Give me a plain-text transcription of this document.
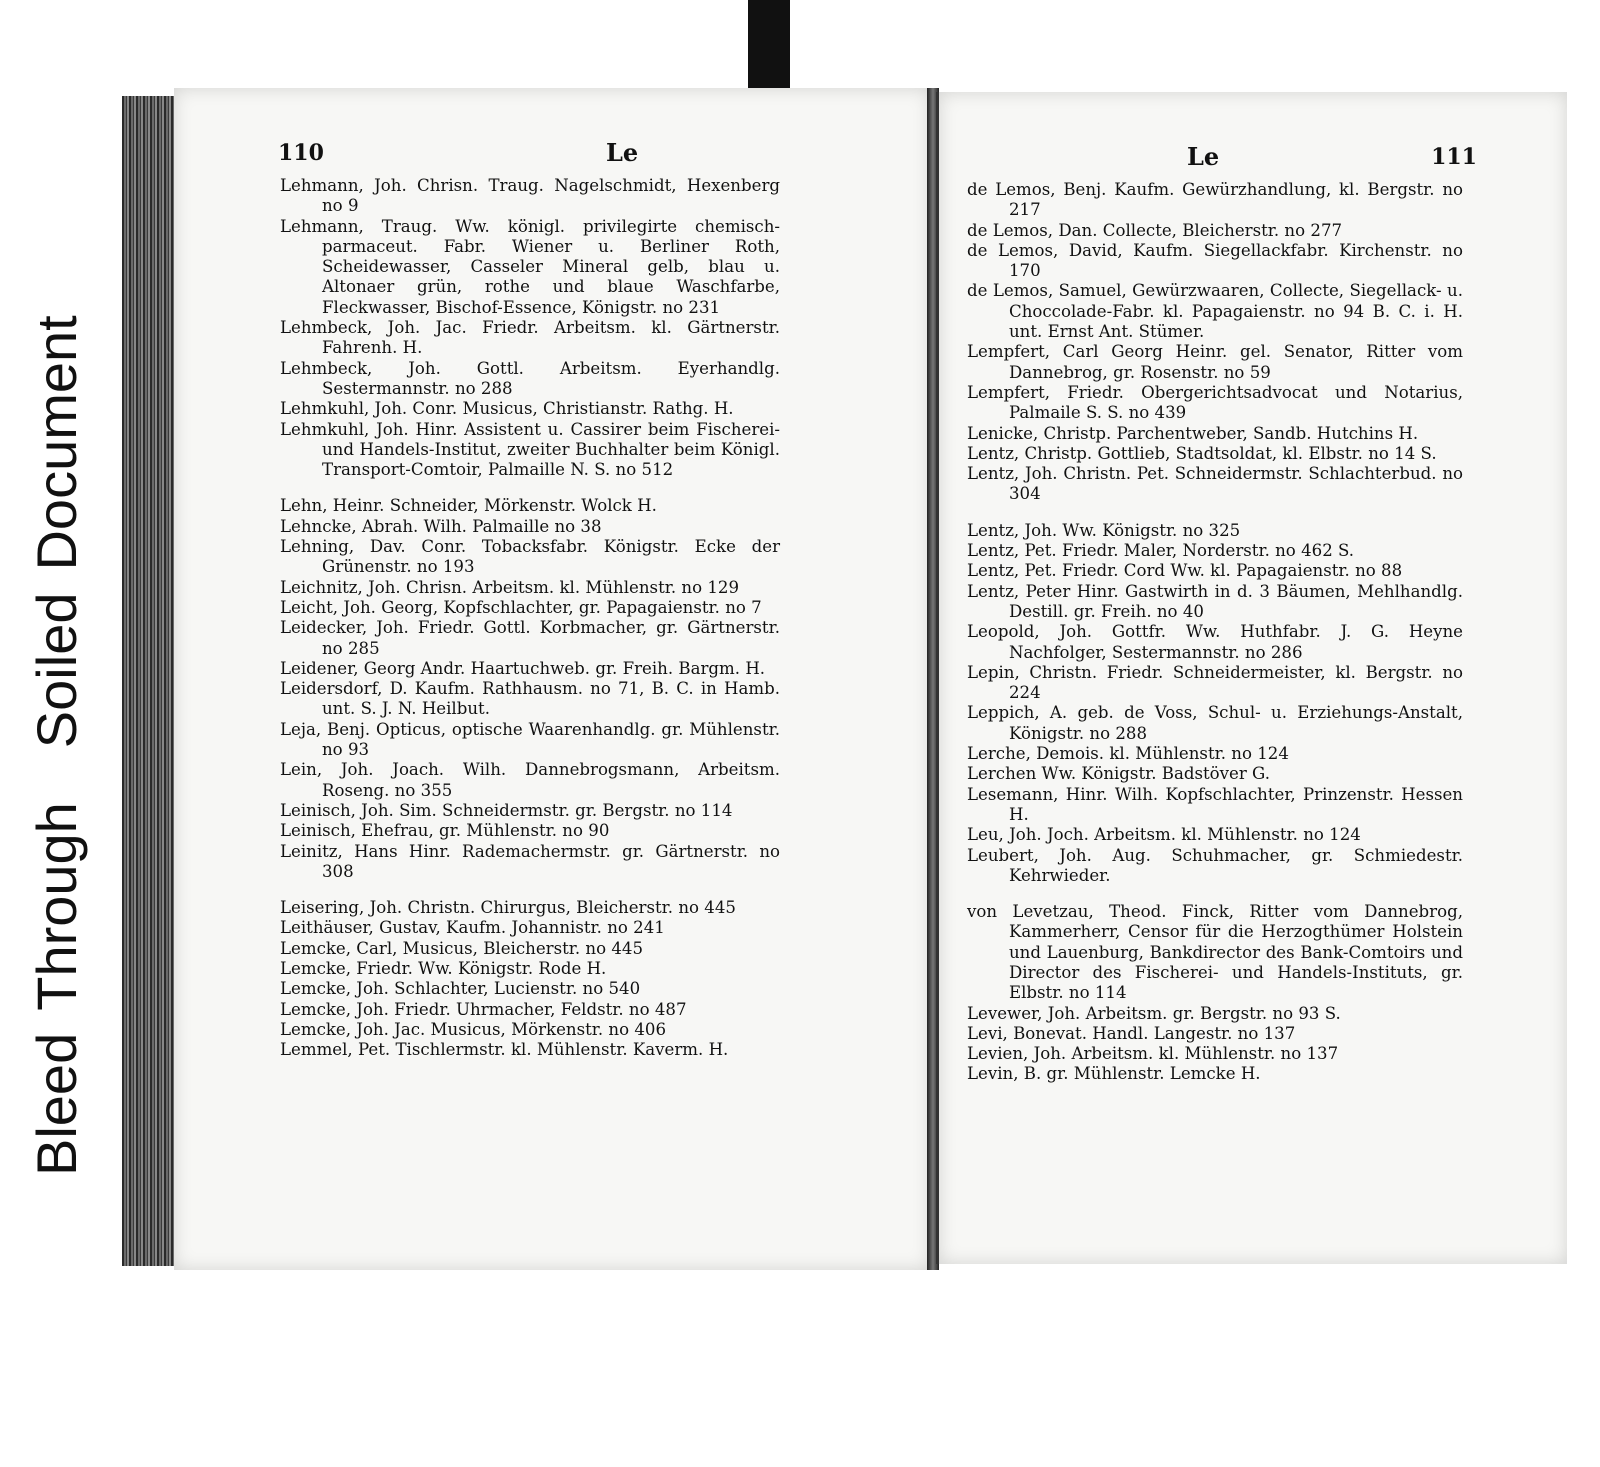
Bleed
Through
Soiled
Document
110	Le
Lehmann, Joh. Chrisn. Traug. Nagelschmidt, Hexenberg no 9
Lehmann, Traug. Ww. königl. privilegirte chemisch-parmaceut. Fabr. Wiener u. Berliner Roth, Scheidewasser, Casseler Mineral gelb, blau u. Altonaer grün, rothe und blaue Waschfarbe, Fleckwasser, Bischof-Essence, Königstr. no 231
Lehmbeck, Joh. Jac. Friedr. Arbeitsm. kl. Gärtnerstr. Fahrenh. H.
Lehmbeck, Joh. Gottl. Arbeitsm. Eyerhandlg. Sestermannstr. no 288
Lehmkuhl, Joh. Conr. Musicus, Christianstr. Rathg. H.
Lehmkuhl, Joh. Hinr. Assistent u. Cassirer beim Fischerei- und Handels-Institut, zweiter Buchhalter beim Königl. Transport-Comtoir, Palmaille N. S. no 512
Lehn, Heinr. Schneider, Mörkenstr. Wolck H.
Lehncke, Abrah. Wilh. Palmaille no 38
Lehning, Dav. Conr. Tobacksfabr. Königstr. Ecke der Grünenstr. no 193
Leichnitz, Joh. Chrisn. Arbeitsm. kl. Mühlenstr. no 129
Leicht, Joh. Georg, Kopfschlachter, gr. Papagaienstr. no 7
Leidecker, Joh. Friedr. Gottl. Korbmacher, gr. Gärtnerstr. no 285
Leidener, Georg Andr. Haartuchweb. gr. Freih. Bargm. H.
Leidersdorf, D. Kaufm. Rathhausm. no 71, B. C. in Hamb. unt. S. J. N. Heilbut.
Leja, Benj. Opticus, optische Waarenhandlg. gr. Mühlenstr. no 93
Lein, Joh. Joach. Wilh. Dannebrogsmann, Arbeitsm. Roseng. no 355
Leinisch, Joh. Sim. Schneidermstr. gr. Bergstr. no 114
Leinisch, Ehefrau, gr. Mühlenstr. no 90
Leinitz, Hans Hinr. Rademachermstr. gr. Gärtnerstr. no 308
Leisering, Joh. Christn. Chirurgus, Bleicherstr. no 445
Leithäuser, Gustav, Kaufm. Johannistr. no 241
Lemcke, Carl, Musicus, Bleicherstr. no 445
Lemcke, Friedr. Ww. Königstr. Rode H.
Lemcke, Joh. Schlachter, Lucienstr. no 540
Lemcke, Joh. Friedr. Uhrmacher, Feldstr. no 487
Lemcke, Joh. Jac. Musicus, Mörkenstr. no 406
Lemmel, Pet. Tischlermstr. kl. Mühlenstr. Kaverm. H.
Le	111
de Lemos, Benj. Kaufm. Gewürzhandlung, kl. Bergstr. no 217
de Lemos, Dan. Collecte, Bleicherstr. no 277
de Lemos, David, Kaufm. Siegellackfabr. Kirchenstr. no 170
de Lemos, Samuel, Gewürzwaaren, Collecte, Siegellack- u. Choccolade-Fabr. kl. Papagaienstr. no 94 B. C. i. H. unt. Ernst Ant. Stümer.
Lempfert, Carl Georg Heinr. gel. Senator, Ritter vom Dannebrog, gr. Rosenstr. no 59
Lempfert, Friedr. Obergerichtsadvocat und Notarius, Palmaile S. S. no 439
Lenicke, Christp. Parchentweber, Sandb. Hutchins H.
Lentz, Christp. Gottlieb, Stadtsoldat, kl. Elbstr. no 14 S.
Lentz, Joh. Christn. Pet. Schneidermstr. Schlachterbud. no 304
Lentz, Joh. Ww. Königstr. no 325
Lentz, Pet. Friedr. Maler, Norderstr. no 462 S.
Lentz, Pet. Friedr. Cord Ww. kl. Papagaienstr. no 88
Lentz, Peter Hinr. Gastwirth in d. 3 Bäumen, Mehlhandlg. Destill. gr. Freih. no 40
Leopold, Joh. Gottfr. Ww. Huthfabr. J. G. Heyne Nachfolger, Sestermannstr. no 286
Lepin, Christn. Friedr. Schneidermeister, kl. Bergstr. no 224
Leppich, A. geb. de Voss, Schul- u. Erziehungs-Anstalt, Königstr. no 288
Lerche, Demois. kl. Mühlenstr. no 124
Lerchen Ww. Königstr. Badstöver G.
Lesemann, Hinr. Wilh. Kopfschlachter, Prinzenstr. Hessen H.
Leu, Joh. Joch. Arbeitsm. kl. Mühlenstr. no 124
Leubert, Joh. Aug. Schuhmacher, gr. Schmiedestr. Kehrwieder.
von Levetzau, Theod. Finck, Ritter vom Dannebrog, Kammerherr, Censor für die Herzogthümer Holstein und Lauenburg, Bankdirector des Bank-Comtoirs und Director des Fischerei- und Handels-Instituts, gr. Elbstr. no 114
Levewer, Joh. Arbeitsm. gr. Bergstr. no 93 S.
Levi, Bonevat. Handl. Langestr. no 137
Levien, Joh. Arbeitsm. kl. Mühlenstr. no 137
Levin, B. gr. Mühlenstr. Lemcke H.
